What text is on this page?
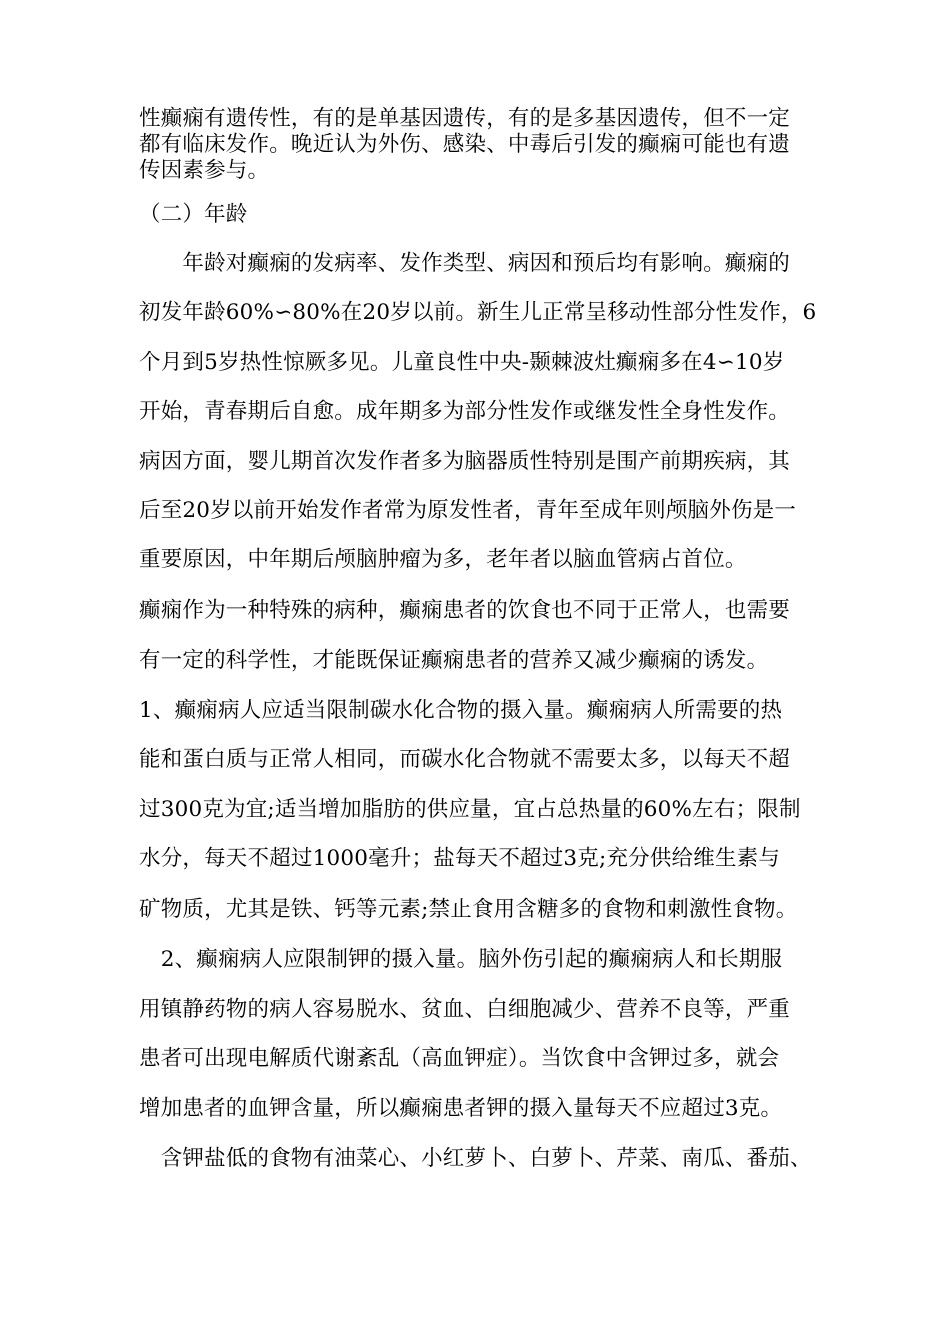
性癫痫有遗传性，有的是单基因遗传，有的是多基因遗传，但不一定
都有临床发作。晚近认为外伤、感染、中毒后引发的癫痫可能也有遗
传因素参与。
（二）年龄
　　年龄对癫痫的发病率、发作类型、病因和预后均有影响。癫痫的
初发年龄60%∽80%在20岁以前。新生儿正常呈移动性部分性发作，6
个月到5岁热性惊厥多见。儿童良性中央-颞棘波灶癫痫多在4∽10岁
开始，青春期后自愈。成年期多为部分性发作或继发性全身性发作。
病因方面，婴儿期首次发作者多为脑器质性特别是围产前期疾病，其
后至20岁以前开始发作者常为原发性者，青年至成年则颅脑外伤是一
重要原因，中年期后颅脑肿瘤为多，老年者以脑血管病占首位。
癫痫作为一种特殊的病种，癫痫患者的饮食也不同于正常人，也需要
有一定的科学性，才能既保证癫痫患者的营养又减少癫痫的诱发。
1、癫痫病人应适当限制碳水化合物的摄入量。癫痫病人所需要的热
能和蛋白质与正常人相同，而碳水化合物就不需要太多，以每天不超
过300克为宜;适当增加脂肪的供应量，宜占总热量的60%左右；限制
水分，每天不超过1000毫升；盐每天不超过3克;充分供给维生素与
矿物质，尤其是铁、钙等元素;禁止食用含糖多的食物和刺激性食物。
　2、癫痫病人应限制钾的摄入量。脑外伤引起的癫痫病人和长期服
用镇静药物的病人容易脱水、贫血、白细胞减少、营养不良等，严重
患者可出现电解质代谢紊乱（高血钾症）。当饮食中含钾过多，就会
增加患者的血钾含量，所以癫痫患者钾的摄入量每天不应超过3克。
　含钾盐低的食物有油菜心、小红萝卜、白萝卜、芹菜、南瓜、番茄、
